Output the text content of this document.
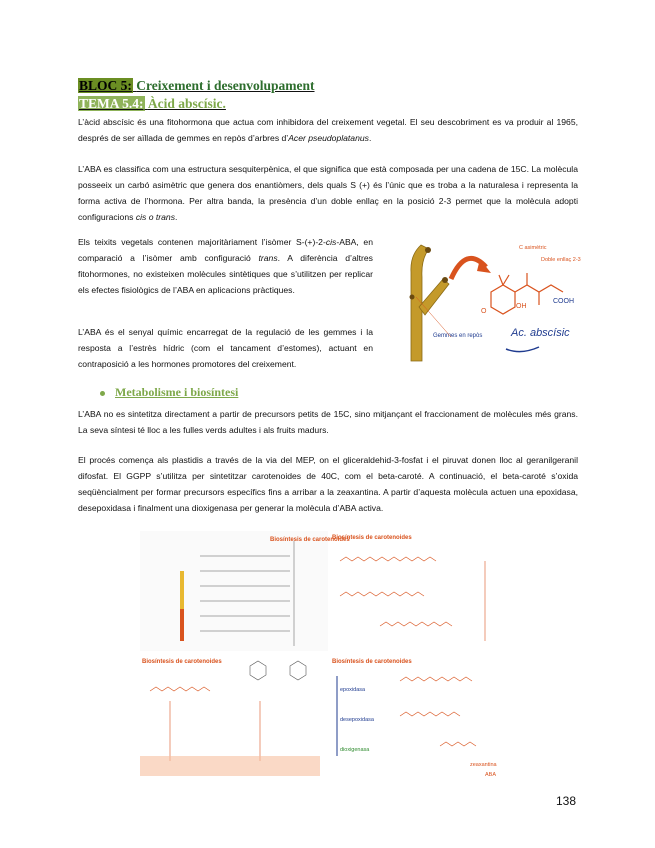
BLOC 5: Creixement i desenvolupament
TEMA 5.4: Àcid abscísic.

L’àcid abscísic és una fitohormona que actua com inhibidora del creixement vegetal. El seu descobriment es va produir al 1965, després de ser aïllada de gemmes en repòs d’arbres d’Acer pseudoplatanus.

L’ABA es classifica com una estructura sesquiterpènica, el que significa que està composada per una cadena de 15C. La molècula posseeix un carbó asimètric que genera dos enantiòmers, dels quals S (+) és l’únic que es troba a la naturalesa i representa la forma activa de l’hormona. Per altra banda, la presència d’un doble enllaç en la posició 2-3 permet que la molècula adopti configuracions cis o trans.

Els teixits vegetals contenen majoritàriament l’isòmer S-(+)-2-cis-ABA, en comparació a l’isòmer amb configuració trans. A diferència d’altres fitohormones, no existeixen molècules sintètiques que s’utilitzen per replicar els efectes fisiològics de l’ABA en aplicacions pràctiques.

L’ABA és el senyal químic encarregat de la regulació de les gemmes i la resposta a l’estrès hídric (com el tancament d’estomes), actuant en contraposició a les hormones promotores del creixement.

O
OH
COOH
C asimètric
Doble enllaç 2-3
Gemmes en repòs	Ac. abscísic
Metabolisme i biosíntesi

L’ABA no es sintetitza directament a partir de precursors petits de 15C, sino mitjançant el fraccionament de molècules més grans. La seva síntesi té lloc a les fulles verds adultes i als fruits madurs.

El procés comença als plastidis a través de la via del MEP, on el gliceraldehid-3-fosfat i el piruvat donen lloc al geranilgeranil difosfat. El GGPP s’utilitza per sintetitzar carotenoides de 40C, com el beta-caroté. A continuació, el beta-caroté s’oxida seqüèncialment per formar precursors específics fins a arribar a la zeaxantina. A partir d’aquesta molècula actuen una epoxidasa, desepoxidasa i finalment una dioxigenasa per generar la molècula d’ABA activa.

Biosíntesis de carotenoides
Biosíntesis de carotenoides
Biosíntesis de carotenoides	Biosíntesis de carotenoides
epoxidasa
desepoxidasa
dioxigenasa
zeaxantina
ABA
138
